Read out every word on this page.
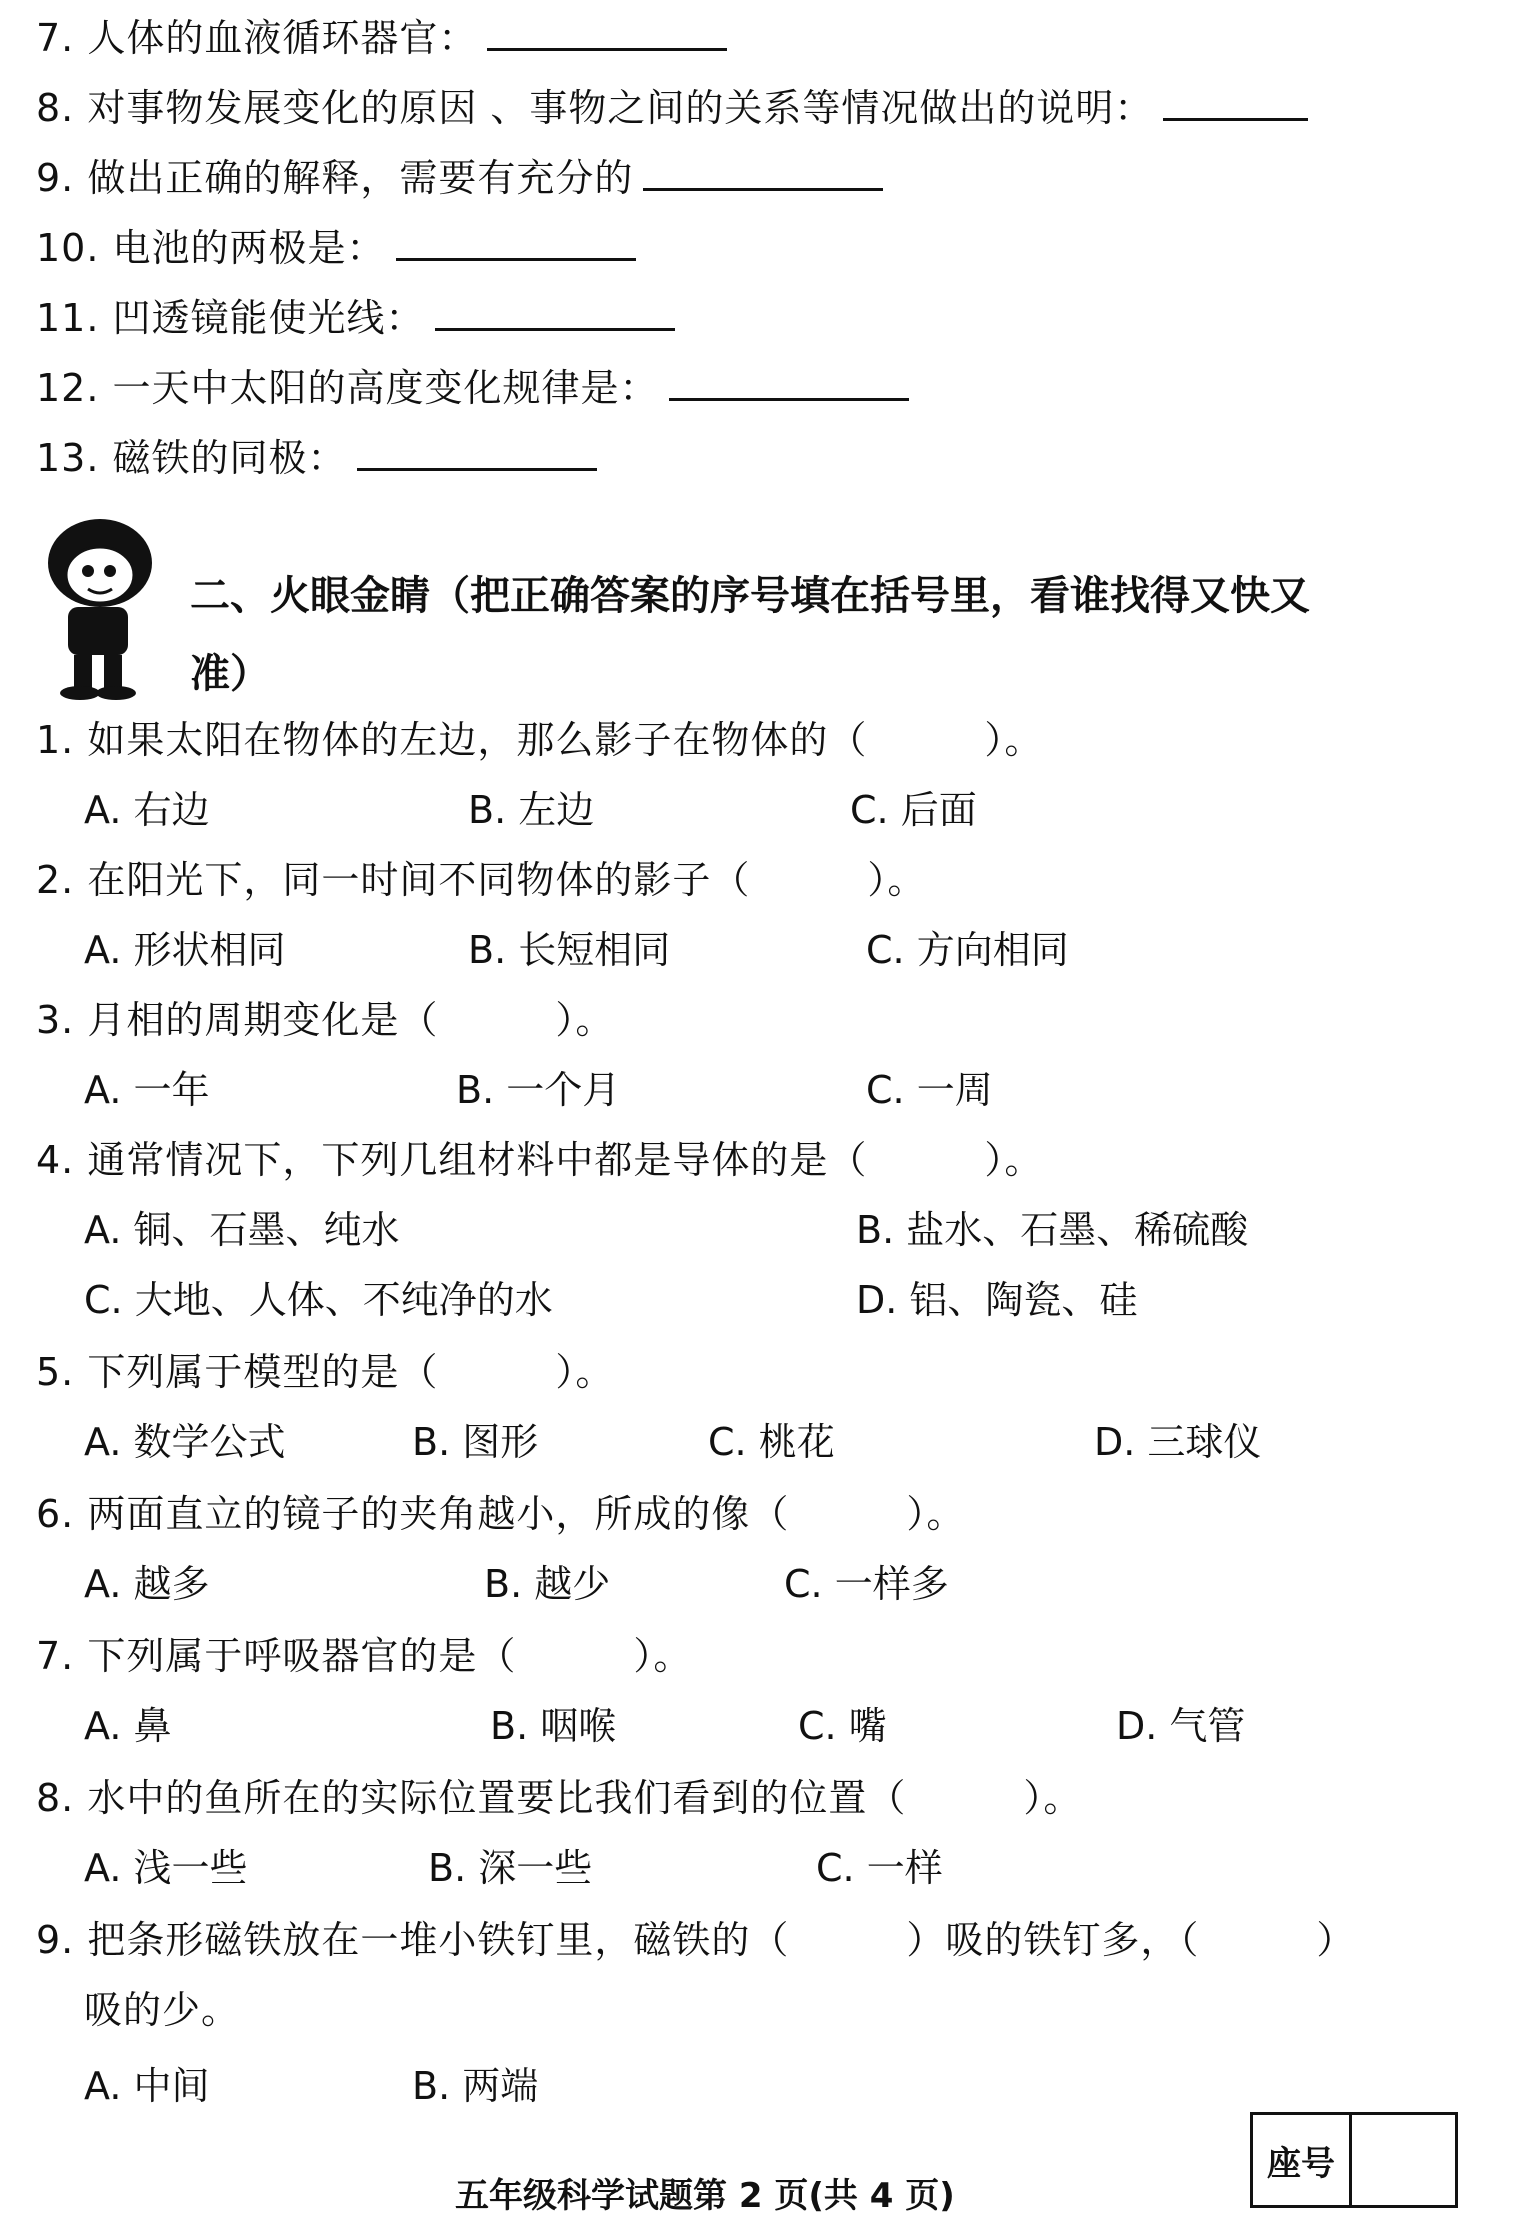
7. 人体的血液循环器官：
8. 对事物发展变化的原因 、事物之间的关系等情况做出的说明：
9. 做出正确的解释，需要有充分的
10. 电池的两极是：
11. 凹透镜能使光线：
12. 一天中太阳的高度变化规律是：
13. 磁铁的同极：
二、火眼金睛（把正确答案的序号填在括号里，看谁找得又快又
准）
1. 如果太阳在物体的左边，那么影子在物体的（　　　）。
A. 右边	B. 左边	C. 后面
2. 在阳光下，同一时间不同物体的影子（　　　）。
A. 形状相同	B. 长短相同	C. 方向相同
3. 月相的周期变化是（　　　）。
A. 一年	B. 一个月	C. 一周
4. 通常情况下，下列几组材料中都是导体的是（　　　）。
A. 铜、石墨、纯水	B. 盐水、石墨、稀硫酸
C. 大地、人体、不纯净的水	D. 铝、陶瓷、硅
5. 下列属于模型的是（　　　）。
A. 数学公式	B. 图形	C. 桃花	D. 三球仪
6. 两面直立的镜子的夹角越小，所成的像（　　　）。
A. 越多	B. 越少	C. 一样多
7. 下列属于呼吸器官的是（　　　）。
A. 鼻	B. 咽喉	C. 嘴	D. 气管
8. 水中的鱼所在的实际位置要比我们看到的位置（　　　）。
A. 浅一些	B. 深一些	C. 一样
9. 把条形磁铁放在一堆小铁钉里，磁铁的（　　　）吸的铁钉多，（　　　）
吸的少。
A. 中间	B. 两端
五年级科学试题第 2 页(共 4 页)
座号
